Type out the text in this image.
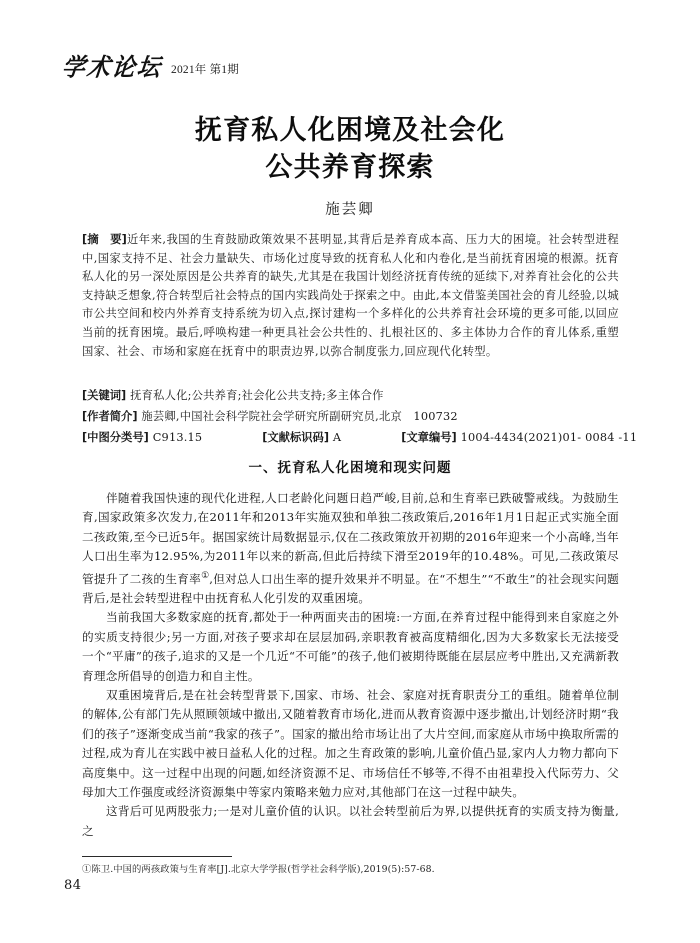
学术论坛 2021年 第1期
抚育私人化困境及社会化
公共养育探索
施芸卿

[摘　要]近年来,我国的生育鼓励政策效果不甚明显,其背后是养育成本高、压力大的困境。社会转型进程中,国家支持不足、社会力量缺失、市场化过度导致的抚育私人化和内卷化,是当前抚育困境的根源。抚育私人化的另一深处原因是公共养育的缺失,尤其是在我国计划经济抚育传统的延续下,对养育社会化的公共支持缺乏想象,符合转型后社会特点的国内实践尚处于探索之中。由此,本文借鉴美国社会的育儿经验,以城市公共空间和校内外养育支持系统为切入点,探讨建构一个多样化的公共养育社会环境的更多可能,以回应当前的抚育困境。最后,呼唤构建一种更具社会公共性的、扎根社区的、多主体协力合作的育儿体系,重塑国家、社会、市场和家庭在抚育中的职责边界,以弥合制度张力,回应现代化转型。

[关键词] 抚育私人化;公共养育;社会化公共支持;多主体合作
[作者简介] 施芸卿,中国社会科学院社会学研究所副研究员,北京　100732
[中图分类号] C913.15	[文献标识码] A	[文章编号] 1004-4434(2021)01- 0084 -11
一、抚育私人化困境和现实问题

伴随着我国快速的现代化进程,人口老龄化问题日趋严峻,目前,总和生育率已跌破警戒线。为鼓励生育,国家政策多次发力,在2011年和2013年实施双独和单独二孩政策后,2016年1月1日起正式实施全面二孩政策,至今已近5年。据国家统计局数据显示,仅在二孩政策放开初期的2016年迎来一个小高峰,当年人口出生率为12.95%,为2011年以来的新高,但此后持续下滑至2019年的10.48%。可见,二孩政策尽管提升了二孩的生育率①,但对总人口出生率的提升效果并不明显。在“不想生”“不敢生”的社会现实问题背后,是社会转型进程中由抚育私人化引发的双重困境。

当前我国大多数家庭的抚育,都处于一种两面夹击的困境:一方面,在养育过程中能得到来自家庭之外的实质支持很少;另一方面,对孩子要求却在层层加码,亲职教育被高度精细化,因为大多数家长无法接受一个“平庸”的孩子,追求的又是一个几近“不可能”的孩子,他们被期待既能在层层应考中胜出,又充满新教育理念所倡导的创造力和自主性。

双重困境背后,是在社会转型背景下,国家、市场、社会、家庭对抚育职责分工的重组。随着单位制的解体,公有部门先从照顾领域中撤出,又随着教育市场化,进而从教育资源中逐步撤出,计划经济时期“我们的孩子”逐渐变成当前“我家的孩子”。国家的撤出给市场让出了大片空间,而家庭从市场中换取所需的过程,成为育儿在实践中被日益私人化的过程。加之生育政策的影响,儿童价值凸显,家内人力物力都向下高度集中。这一过程中出现的问题,如经济资源不足、市场信任不够等,不得不由祖辈投入代际劳力、父母加大工作强度或经济资源集中等家内策略来勉力应对,其他部门在这一过程中缺失。

这背后可见两股张力;一是对儿童价值的认识。以社会转型前后为界,以提供抚育的实质支持为衡量,之

①陈卫.中国的两孩政策与生育率[J].北京大学学报(哲学社会科学版),2019(5):57-68.
84
